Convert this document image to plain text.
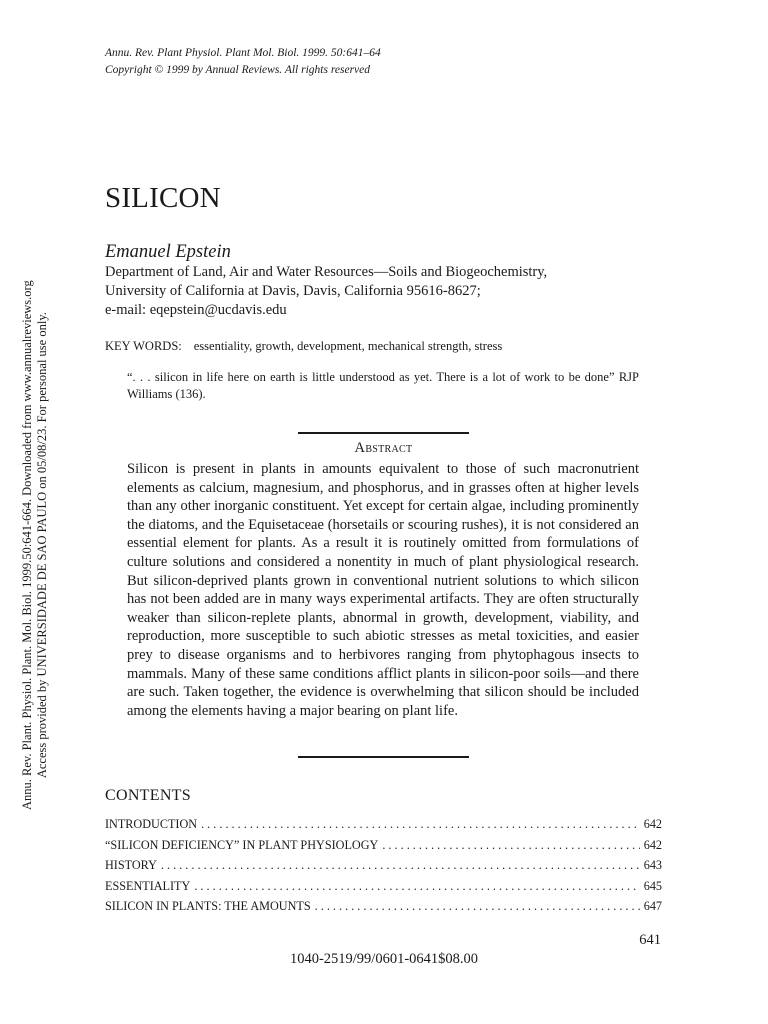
Annu. Rev. Plant Physiol. Plant Mol. Biol. 1999. 50:641–64
Copyright © 1999 by Annual Reviews. All rights reserved
Annu. Rev. Plant. Physiol. Plant. Mol. Biol. 1999.50:641-664. Downloaded from www.annualreviews.org Access provided by UNIVERSIDADE DE SAO PAULO on 05/08/23. For personal use only.
SILICON
Emanuel Epstein
Department of Land, Air and Water Resources—Soils and Biogeochemistry,
University of California at Davis, Davis, California 95616-8627;
e-mail: eqepstein@ucdavis.edu
KEY WORDS: essentiality, growth, development, mechanical strength, stress
“. . . silicon in life here on earth is little understood as yet. There is a lot of work to be done” RJP Williams (136).
Abstract
Silicon is present in plants in amounts equivalent to those of such macronutrient elements as calcium, magnesium, and phosphorus, and in grasses often at higher levels than any other inorganic constituent. Yet except for certain algae, including prominently the diatoms, and the Equisetaceae (horsetails or scouring rushes), it is not considered an essential element for plants. As a result it is routinely omitted from formulations of culture solutions and considered a nonentity in much of plant physiological research. But silicon-deprived plants grown in conventional nutrient solutions to which silicon has not been added are in many ways experimental artifacts. They are often structurally weaker than silicon-replete plants, abnormal in growth, development, viability, and reproduction, more susceptible to such abiotic stresses as metal toxicities, and easier prey to disease organisms and to herbivores ranging from phytophagous insects to mammals. Many of these same conditions afflict plants in silicon-poor soils—and there are such. Taken together, the evidence is overwhelming that silicon should be included among the elements having a major bearing on plant life.
CONTENTS
INTRODUCTION . . .	642
“SILICON DEFICIENCY” IN PLANT PHYSIOLOGY . . .	642
HISTORY . . .	643
ESSENTIALITY . . .	645
SILICON IN PLANTS: THE AMOUNTS . . .	647
641
1040-2519/99/0601-0641$08.00
